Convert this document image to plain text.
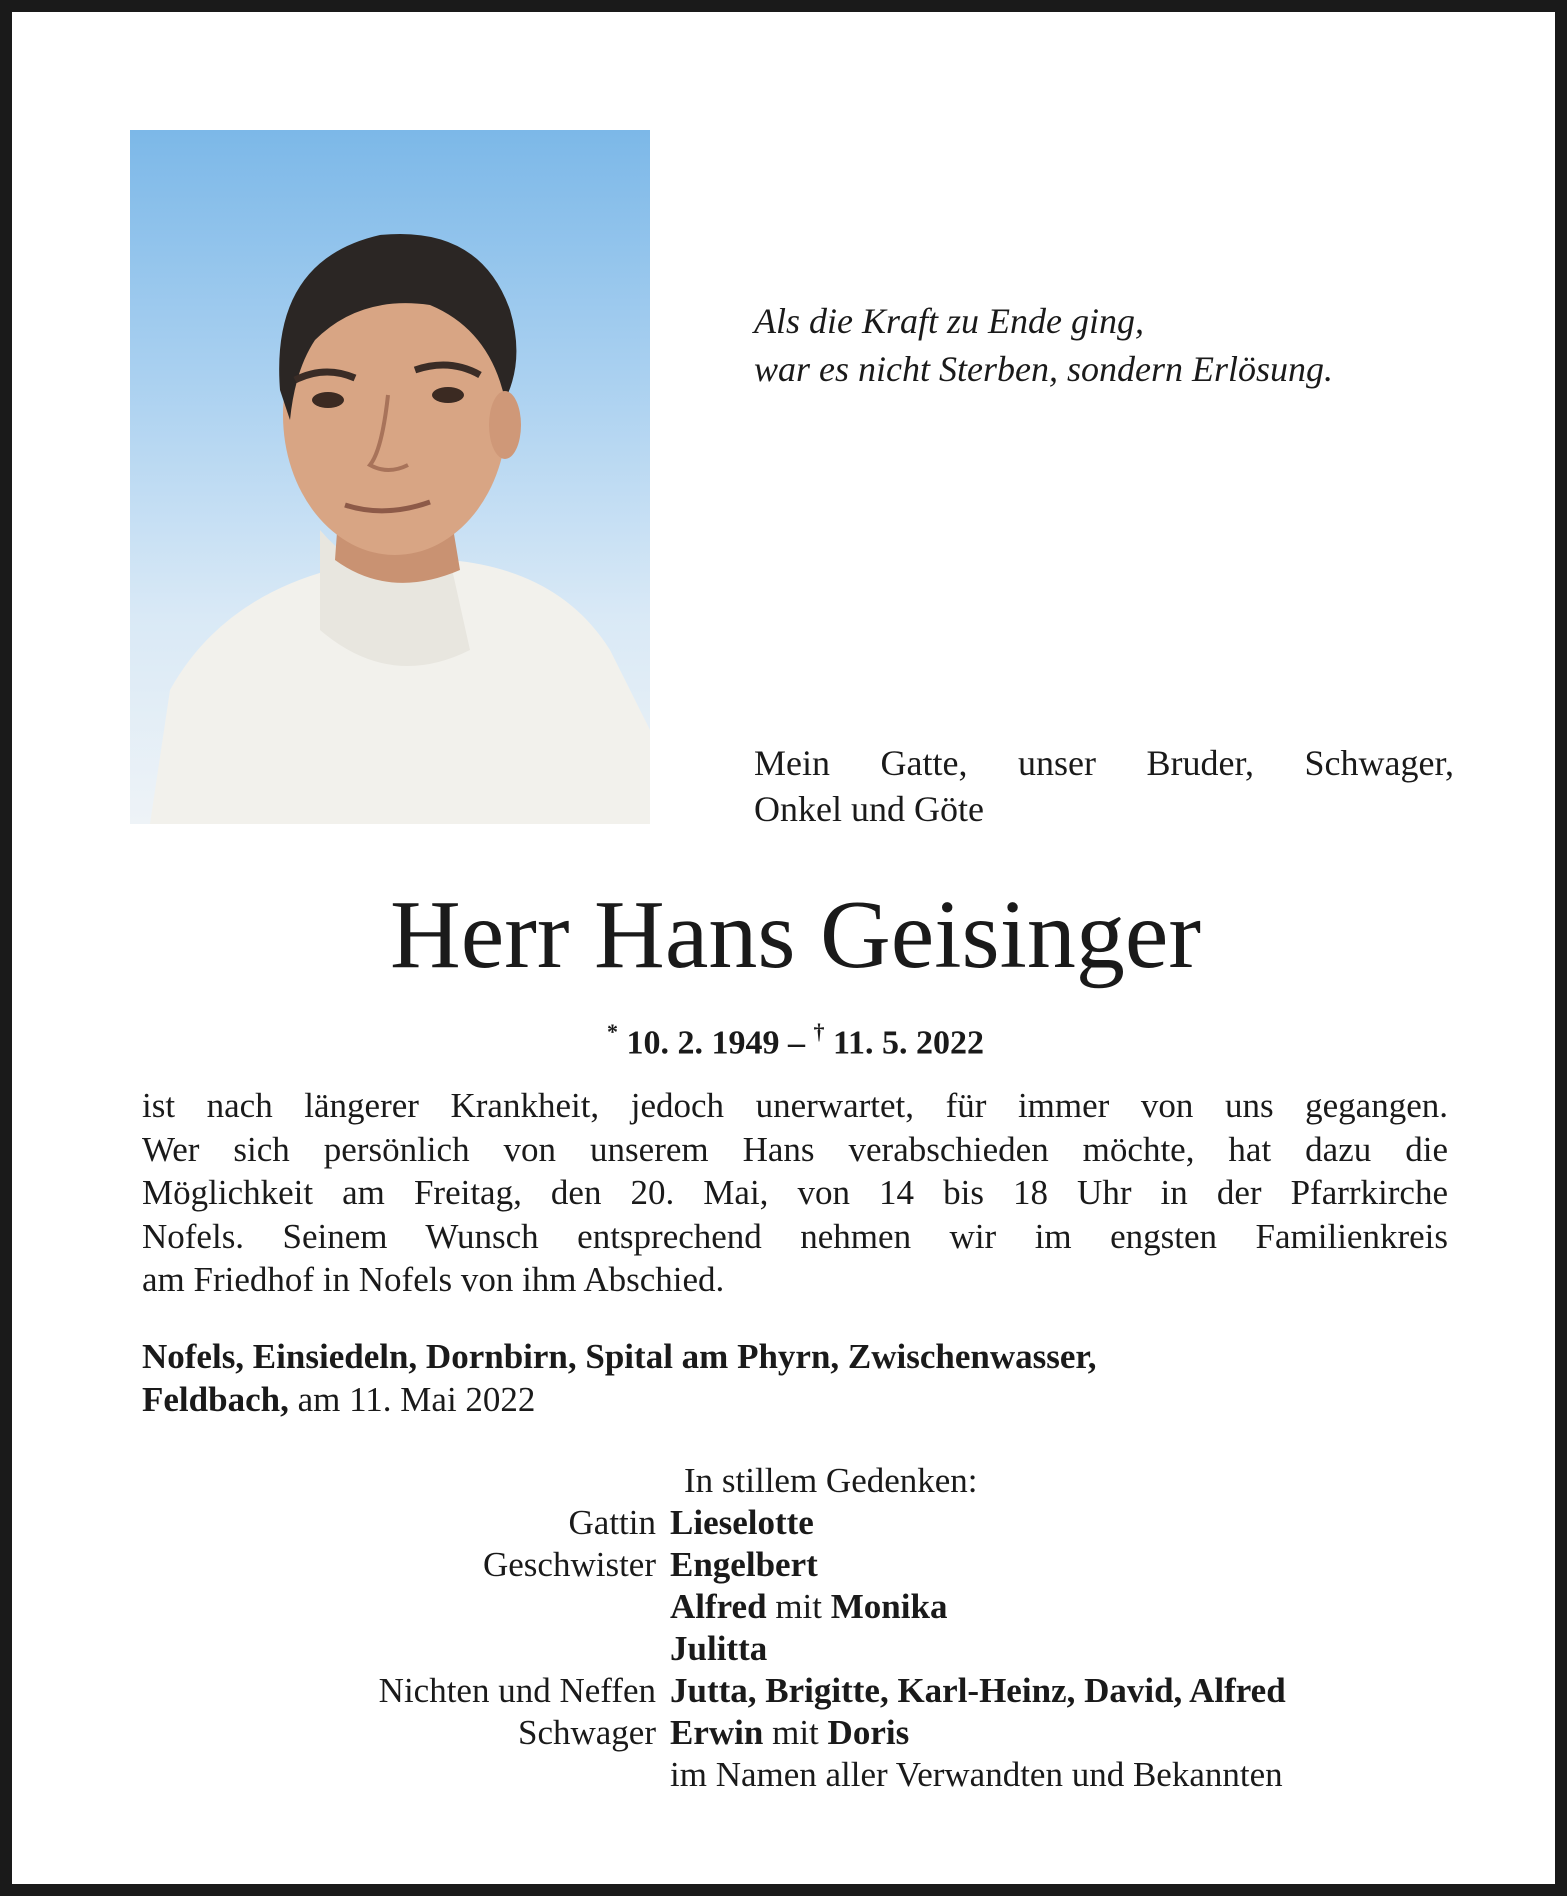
Als die Kraft zu Ende ging,
war es nicht Sterben, sondern Erlösung.
Mein Gatte, unser Bruder, Schwager,
Onkel und Göte
Herr Hans Geisinger
* 10. 2. 1949 – † 11. 5. 2022
ist nach längerer Krankheit, jedoch unerwartet, für immer von uns gegangen.
Wer sich persönlich von unserem Hans verabschieden möchte, hat dazu die
Möglichkeit am Freitag, den 20. Mai, von 14 bis 18 Uhr in der Pfarrkirche
Nofels. Seinem Wunsch entsprechend nehmen wir im engsten Familienkreis
am Friedhof in Nofels von ihm Abschied.
Nofels, Einsiedeln, Dornbirn, Spital am Phyrn, Zwischenwasser,
Feldbach, am 11. Mai 2022
In stillem Gedenken:
Gattin Lieselotte
Geschwister Engelbert
Alfred mit Monika
Julitta
Nichten und Neffen Jutta, Brigitte, Karl-Heinz, David, Alfred
Schwager Erwin mit Doris
im Namen aller Verwandten und Bekannten
